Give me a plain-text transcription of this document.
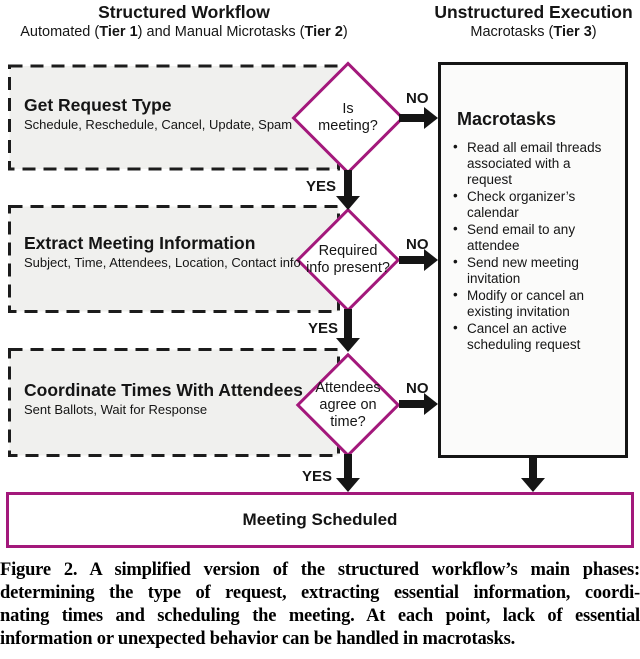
Structured Workflow
Automated (Tier 1) and Manual Microtasks (Tier 2)
Unstructured Execution
Macrotasks (Tier 3)
Macrotasks
• Read all email threads associated with a request
• Check organizer’s calendar
• Send email to any attendee
• Send new meeting invitation
• Modify or cancel an existing invitation
• Cancel an active scheduling request
Get Request Type
Schedule, Reschedule, Cancel, Update, Spam
Extract Meeting Information
Subject, Time, Attendees, Location, Contact info
Coordinate Times With Attendees
Sent Ballots, Wait for Response
Is
meeting?
Required
info present?
Attendees
agree on
time?
YES
YES
YES
NO
NO
NO
Meeting Scheduled
Figure 2. A simplified version of the structured workflow’s main phases:
determining the type of request, extracting essential information, coordi-
nating times and scheduling the meeting. At each point, lack of essential
information or unexpected behavior can be handled in macrotasks.
